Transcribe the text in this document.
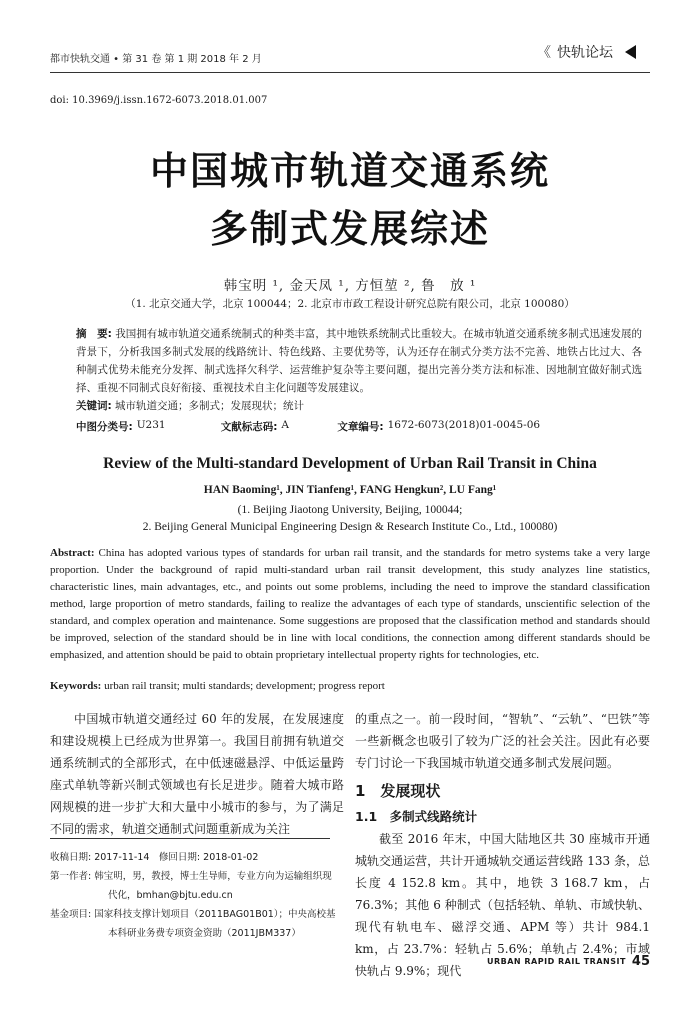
都市快轨交通 • 第 31 卷 第 1 期 2018 年 2 月	《 快轨论坛
doi: 10.3969/j.issn.1672-6073.2018.01.007
中国城市轨道交通系统
多制式发展综述
韩宝明 ¹, 金天凤 ¹, 方恒堃 ², 鲁　放 ¹
（1. 北京交通大学，北京 100044；2. 北京市市政工程设计研究总院有限公司，北京 100080）
摘　要: 我国拥有城市轨道交通系统制式的种类丰富，其中地铁系统制式比重较大。在城市轨道交通系统多制式迅速发展的背景下，分析我国多制式发展的线路统计、特色线路、主要优势等，认为还存在制式分类方法不完善、地铁占比过大、各种制式优势未能充分发挥、制式选择欠科学、运营维护复杂等主要问题，提出完善分类方法和标准、因地制宜做好制式选择、重视不同制式良好衔接、重视技术自主化问题等发展建议。
关键词: 城市轨道交通；多制式；发展现状；统计
中图分类号: U231	文献标志码: A	文章编号: 1672-6073(2018)01-0045-06
Review of the Multi-standard Development of Urban Rail Transit in China
HAN Baoming¹, JIN Tianfeng¹, FANG Hengkun², LU Fang¹
(1. Beijing Jiaotong University, Beijing, 100044;
2. Beijing General Municipal Engineering Design & Research Institute Co., Ltd., 100080)
Abstract: China has adopted various types of standards for urban rail transit, and the standards for metro systems take a very large proportion. Under the background of rapid multi-standard urban rail transit development, this study analyzes line statistics, characteristic lines, main advantages, etc., and points out some problems, including the need to improve the standard classification method, large proportion of metro standards, failing to realize the advantages of each type of standards, unscientific selection of the standard, and complex operation and maintenance. Some suggestions are proposed that the classification method and standards should be improved, selection of the standard should be in line with local conditions, the connection among different standards should be emphasized, and attention should be paid to obtain proprietary intellectual property rights for technologies, etc.
Keywords: urban rail transit; multi standards; development; progress report
中国城市轨道交通经过 60 年的发展，在发展速度和建设规模上已经成为世界第一。我国目前拥有轨道交通系统制式的全部形式，在中低速磁悬浮、中低运量跨座式单轨等新兴制式领域也有长足进步。随着大城市路网规模的进一步扩大和大量中小城市的参与，为了满足不同的需求，轨道交通制式问题重新成为关注
收稿日期: 2017-11-14　修回日期: 2018-01-02
第一作者: 韩宝明，男，教授，博士生导师，专业方向为运输组织现代化，bmhan@bjtu.edu.cn
基金项目: 国家科技支撑计划项目（2011BAG01B01）；中央高校基本科研业务费专项资金资助（2011JBM337）
的重点之一。前一段时间，“智轨”、“云轨”、“巴铁”等一些新概念也吸引了较为广泛的社会关注。因此有必要专门讨论一下我国城市轨道交通多制式发展问题。
1　发展现状
1.1　多制式线路统计
截至 2016 年末，中国大陆地区共 30 座城市开通城轨交通运营，共计开通城轨交通运营线路 133 条，总长度 4 152.8 km。其中，地铁 3 168.7 km，占 76.3%；其他 6 种制式（包括轻轨、单轨、市域快轨、现代有轨电车、磁浮交通、APM 等）共计 984.1 km，占 23.7%：轻轨占 5.6%；单轨占 2.4%；市域快轨占 9.9%；现代
URBAN RAPID RAIL TRANSIT 45
